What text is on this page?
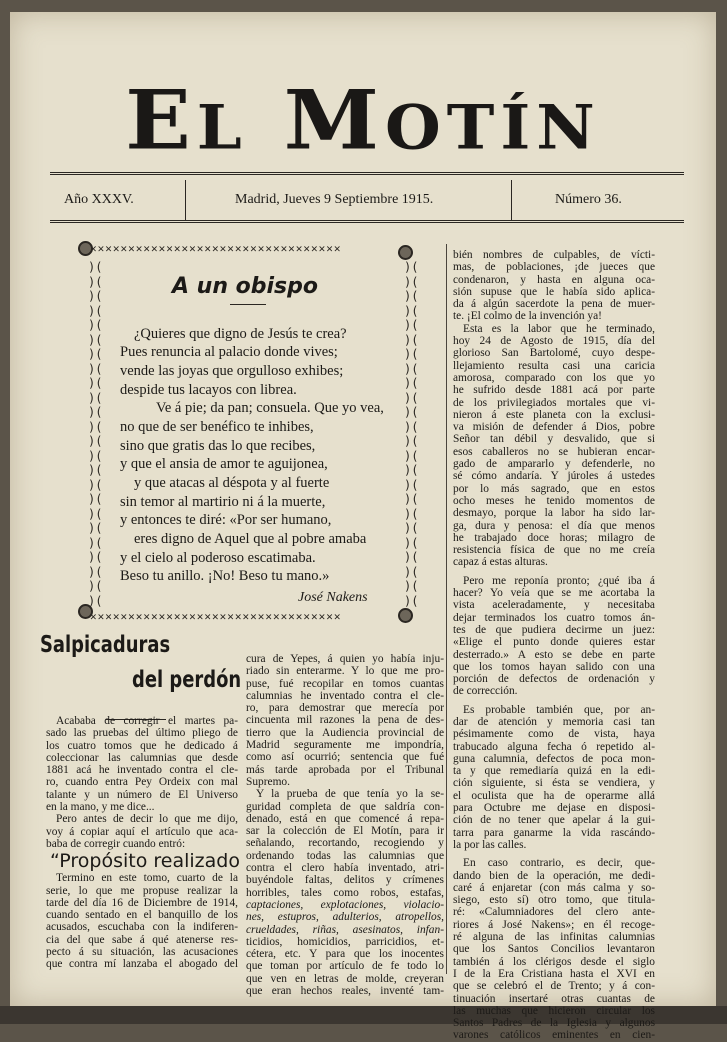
EL MOTÍN
Año XXXV.	Madrid, Jueves 9 Septiembre 1915.	Número 36.
✕✕✕✕✕✕✕✕✕✕✕✕✕✕✕✕✕✕✕✕✕✕✕✕✕✕✕✕✕✕✕✕✕
✕✕✕✕✕✕✕✕✕✕✕✕✕✕✕✕✕✕✕✕✕✕✕✕✕✕✕✕✕✕✕✕✕
)(
)(
)(
)(
)(
)(
)(
)(
)(
)(
)(
)(
)(
)(
)(
)(
)(
)(
)(
)(
)(
)(
)(
)(
)(
)(
)(
)(
)(
)(
)(
)(
)(
)(
)(
)(
)(
)(
)(
)(
)(
)(
)(
)(
)(
)(
)(
)(
A un obispo
¿Quieres que digno de Jesús te crea?
Pues renuncia al palacio donde vives;
vende las joyas que orgulloso exhibes;
despide tus lacayos con librea.
Ve á pie; da pan; consuela. Que yo vea,
no que de ser benéfico te inhibes,
sino que gratis das lo que recibes,
y que el ansia de amor te aguijonea,
y que atacas al déspota y al fuerte
sin temor al martirio ni á la muerte,
y entonces te diré: «Por ser humano,
eres digno de Aquel que al pobre amaba
y el cielo al poderoso escatimaba.
Beso tu anillo. ¡No! Beso tu mano.»
José Nakens
Salpicaduras
del perdón
“Propósito realizado
Acababa de corregir el martes pa-
sado las pruebas del último pliego de
los cuatro tomos que he dedicado á
coleccionar las calumnias que desde
1881 acá he inventado contra el cle-
ro, cuando entra Pey Ordeix con mal
talante y un número de El Universo
en la mano, y me dice...
Pero antes de decir lo que me dijo,
voy á copiar aquí el artículo que aca-
baba de corregir cuando entró:
Termino en este tomo, cuarto de la
serie, lo que me propuse realizar la
tarde del día 16 de Diciembre de 1914,
cuando sentado en el banquillo de los
acusados, escuchaba con la indiferen-
cia del que sabe á qué atenerse res-
pecto á su situación, las acusaciones
que contra mí lanzaba el abogado del
cura de Yepes, á quien yo había inju-
riado sin enterarme. Y lo que me pro-
puse, fué recopilar en tomos cuantas
calumnias he inventado contra el cle-
ro, para demostrar que merecía por
cincuenta mil razones la pena de des-
tierro que la Audiencia provincial de
Madrid seguramente me impondría,
como así ocurrió; sentencia que fué
más tarde aprobada por el Tribunal
Supremo.
Y la prueba de que tenía yo la se-
guridad completa de que saldría con-
denado, está en que comencé á repa-
sar la colección de El Motín, para ir
señalando, recortando, recogiendo y
ordenando todas las calumnias que
contra el clero había inventado, atri-
buyéndole faltas, delitos y crímenes
horribles, tales como robos, estafas,
captaciones, explotaciones, violacio-
nes, estupros, adulterios, atropellos,
crueldades, riñas, asesinatos, infan-
ticidios, homicidios, parricidios, et-
cétera, etc. Y para que los inocentes
que toman por artículo de fe todo lo
que ven en letras de molde, creyeran
que eran hechos reales, inventé tam-
bién nombres de culpables, de vícti-
mas, de poblaciones, ¡de jueces que
condenaron, y hasta en alguna oca-
sión supuse que le había sido aplica-
da á algún sacerdote la pena de muer-
te. ¡El colmo de la invención ya!
Esta es la labor que he terminado,
hoy 24 de Agosto de 1915, día del
glorioso San Bartolomé, cuyo despe-
llejamiento resulta casi una caricia
amorosa, comparado con los que yo
he sufrido desde 1881 acá por parte
de los privilegiados mortales que vi-
nieron á este planeta con la exclusi-
va misión de defender á Dios, pobre
Señor tan débil y desvalido, que si
esos caballeros no se hubieran encar-
gado de ampararlo y defenderle, no
sé cómo andaría. Y júroles á ustedes
por lo más sagrado, que en estos
ocho meses he tenido momentos de
desmayo, porque la labor ha sido lar-
ga, dura y penosa: el día que menos
he trabajado doce horas; milagro de
resistencia física de que no me creía
capaz á estas alturas.
Pero me reponía pronto; ¿qué iba á
hacer? Yo veía que se me acortaba la
vista aceleradamente, y necesitaba
dejar terminados los cuatro tomos án-
tes de que pudiera decirme un juez:
«Elige el punto donde quieres estar
desterrado.» A esto se debe en parte
que los tomos hayan salido con una
porción de defectos de ordenación y
de corrección.
Es probable también que, por an-
dar de atención y memoria casi tan
pésimamente como de vista, haya
trabucado alguna fecha ó repetido al-
guna calumnia, defectos de poca mon-
ta y que remediaría quizá en la edi-
ción siguiente, si ésta se vendiera, y
el oculista que ha de operarme allá
para Octubre me dejase en disposi-
ción de no tener que apelar á la gui-
tarra para ganarme la vida rascándo-
la por las calles.
En caso contrario, es decir, que-
dando bien de la operación, me dedi-
caré á enjaretar (con más calma y so-
siego, esto sí) otro tomo, que titula-
ré: «Calumniadores del clero ante-
riores á José Nakens»; en él recoge-
ré alguna de las infinitas calumnias
que los Santos Concilios levantaron
también á los clérigos desde el siglo
I de la Era Cristiana hasta el XVI en
que se celebró el de Trento; y á con-
tinuación insertaré otras cuantas de
las muchas que hicieron circular los
Santos Padres de la Iglesia y algunos
varones católicos eminentes en cien-
